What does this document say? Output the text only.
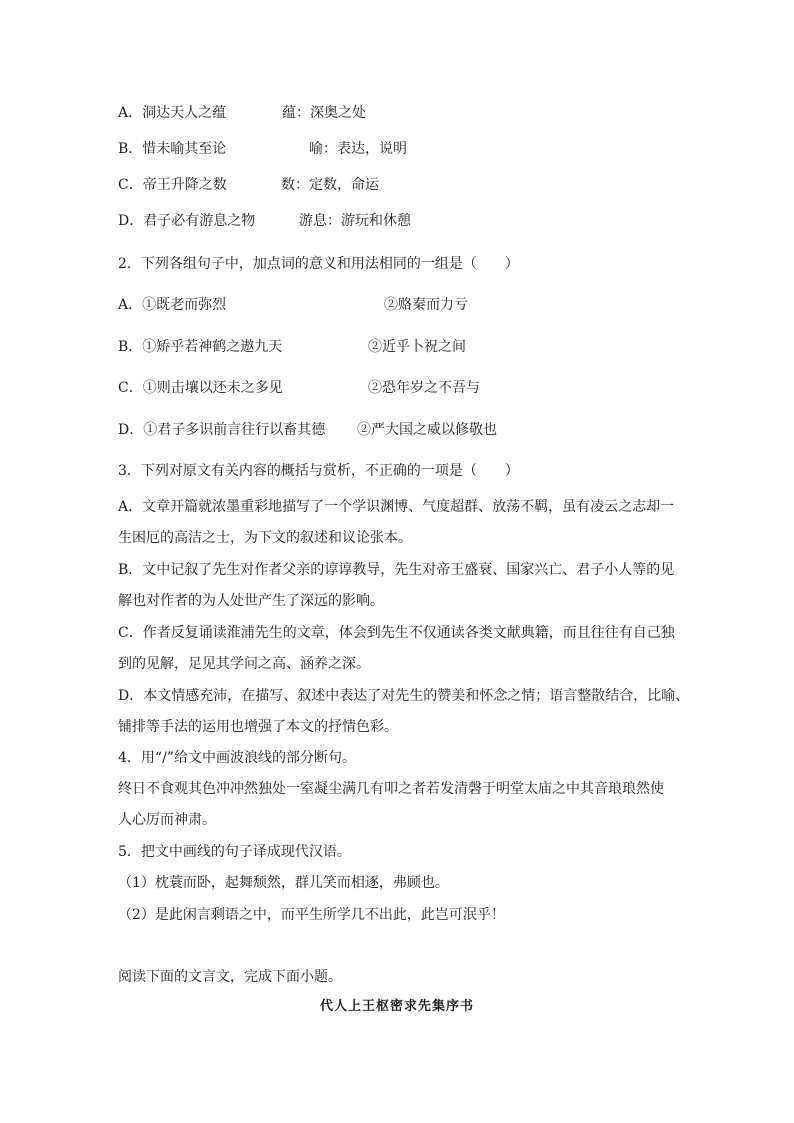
A．洞达天人之蕴	蕴：深奥之处
B．惜未喻其至论	喻：表达，说明
C．帝王升降之数	数：定数，命运
D．君子必有游息之物	游息：游玩和休憩
2．下列各组句子中，加点词的意义和用法相同的一组是（　　）
A．①既老而弥烈	②赂秦而力亏
B．①矫乎若神鹤之遨九天	②近乎卜祝之间
C．①则击壤以还未之多见	②恐年岁之不吾与
D．①君子多识前言往行以畜其德 ②严大国之威以修敬也
3．下列对原文有关内容的概括与赏析，不正确的一项是（　　）
A．文章开篇就浓墨重彩地描写了一个学识渊博、气度超群、放荡不羁，虽有凌云之志却一
生困厄的高洁之士，为下文的叙述和议论张本。
B．文中记叙了先生对作者父亲的谆谆教导，先生对帝王盛衰、国家兴亡、君子小人等的见
解也对作者的为人处世产生了深远的影响。
C．作者反复诵读淮浦先生的文章，体会到先生不仅通读各类文献典籍，而且往往有自己独
到的见解，足见其学问之高、涵养之深。
D．本文情感充沛，在描写、叙述中表达了对先生的赞美和怀念之情；语言整散结合，比喻、
铺排等手法的运用也增强了本文的抒情色彩。
4．用“/”给文中画波浪线的部分断句。
终日不食观其色冲冲然独处一室凝尘满几有叩之者若发清磬于明堂太庙之中其音琅琅然使
人心厉而神肃。
5．把文中画线的句子译成现代汉语。
（1）枕蓑而卧，起舞颓然，群儿笑而相逐，弗顾也。
（2）是此闲言剩语之中，而平生所学几不出此，此岂可泯乎！
阅读下面的文言文，完成下面小题。
代人上王枢密求先集序书
